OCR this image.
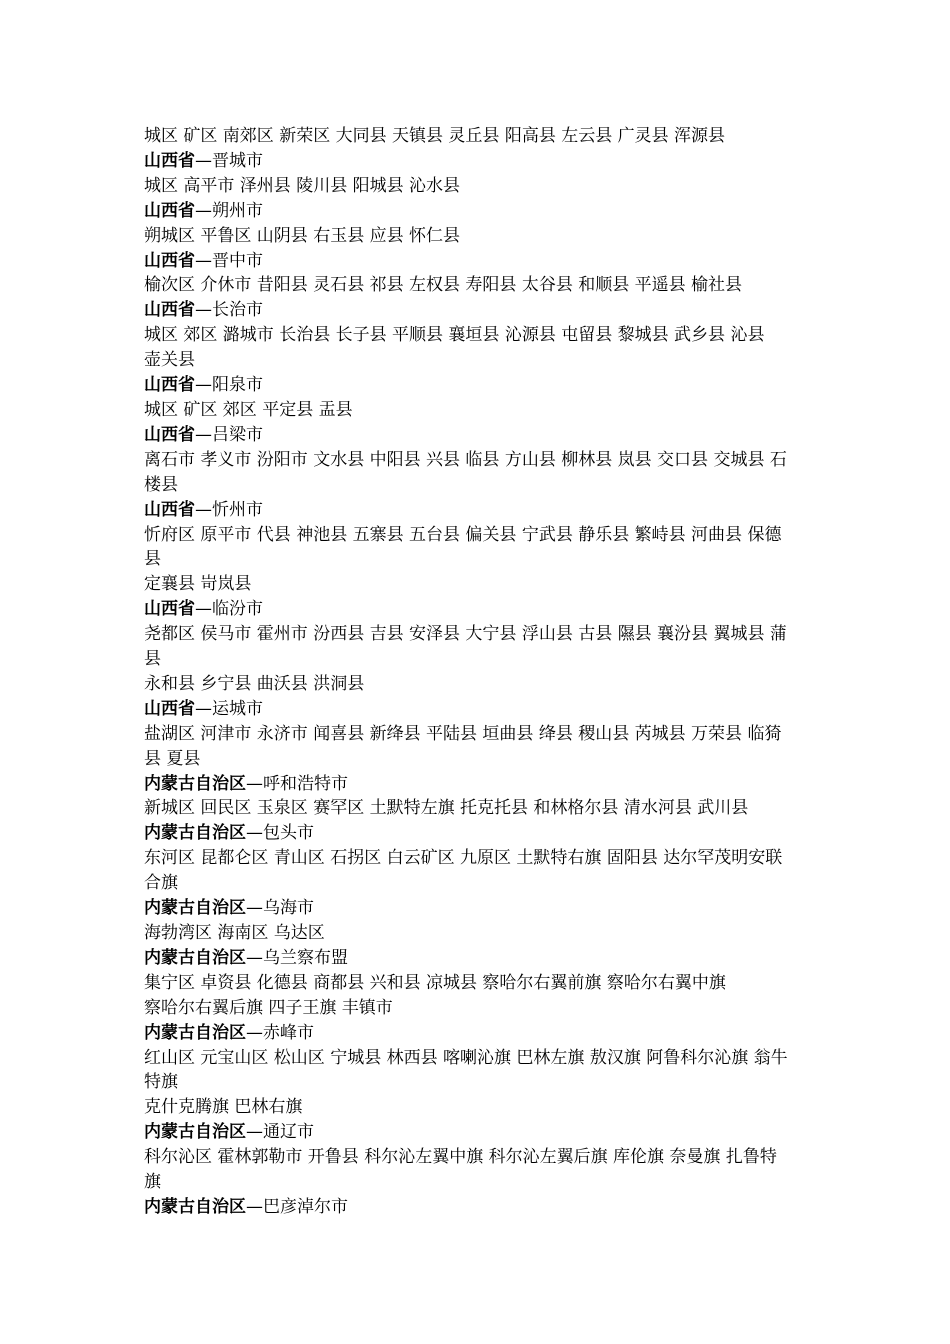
城区 矿区 南郊区 新荣区 大同县 天镇县 灵丘县 阳高县 左云县 广灵县 浑源县
山西省—晋城市
城区 高平市 泽州县 陵川县 阳城县 沁水县
山西省—朔州市
朔城区 平鲁区 山阴县 右玉县 应县 怀仁县
山西省—晋中市
榆次区 介休市 昔阳县 灵石县 祁县 左权县 寿阳县 太谷县 和顺县 平遥县 榆社县
山西省—长治市
城区 郊区 潞城市 长治县 长子县 平顺县 襄垣县 沁源县 屯留县 黎城县 武乡县 沁县
壶关县
山西省—阳泉市
城区 矿区 郊区 平定县 盂县
山西省—吕梁市
离石市 孝义市 汾阳市 文水县 中阳县 兴县 临县 方山县 柳林县 岚县 交口县 交城县 石
楼县
山西省—忻州市
忻府区 原平市 代县 神池县 五寨县 五台县 偏关县 宁武县 静乐县 繁峙县 河曲县 保德
县
定襄县 岢岚县
山西省—临汾市
尧都区 侯马市 霍州市 汾西县 吉县 安泽县 大宁县 浮山县 古县 隰县 襄汾县 翼城县 蒲
县
永和县 乡宁县 曲沃县 洪洞县
山西省—运城市
盐湖区 河津市 永济市 闻喜县 新绛县 平陆县 垣曲县 绛县 稷山县 芮城县 万荣县 临猗
县 夏县
内蒙古自治区—呼和浩特市
新城区 回民区 玉泉区 赛罕区 土默特左旗 托克托县 和林格尔县 清水河县 武川县
内蒙古自治区—包头市
东河区 昆都仑区 青山区 石拐区 白云矿区 九原区 土默特右旗 固阳县 达尔罕茂明安联
合旗
内蒙古自治区—乌海市
海勃湾区 海南区 乌达区
内蒙古自治区—乌兰察布盟
集宁区 卓资县 化德县 商都县 兴和县 凉城县 察哈尔右翼前旗 察哈尔右翼中旗
察哈尔右翼后旗 四子王旗 丰镇市
内蒙古自治区—赤峰市
红山区 元宝山区 松山区 宁城县 林西县 喀喇沁旗 巴林左旗 敖汉旗 阿鲁科尔沁旗 翁牛
特旗
克什克腾旗 巴林右旗
内蒙古自治区—通辽市
科尔沁区 霍林郭勒市 开鲁县 科尔沁左翼中旗 科尔沁左翼后旗 库伦旗 奈曼旗 扎鲁特
旗
内蒙古自治区—巴彦淖尔市
